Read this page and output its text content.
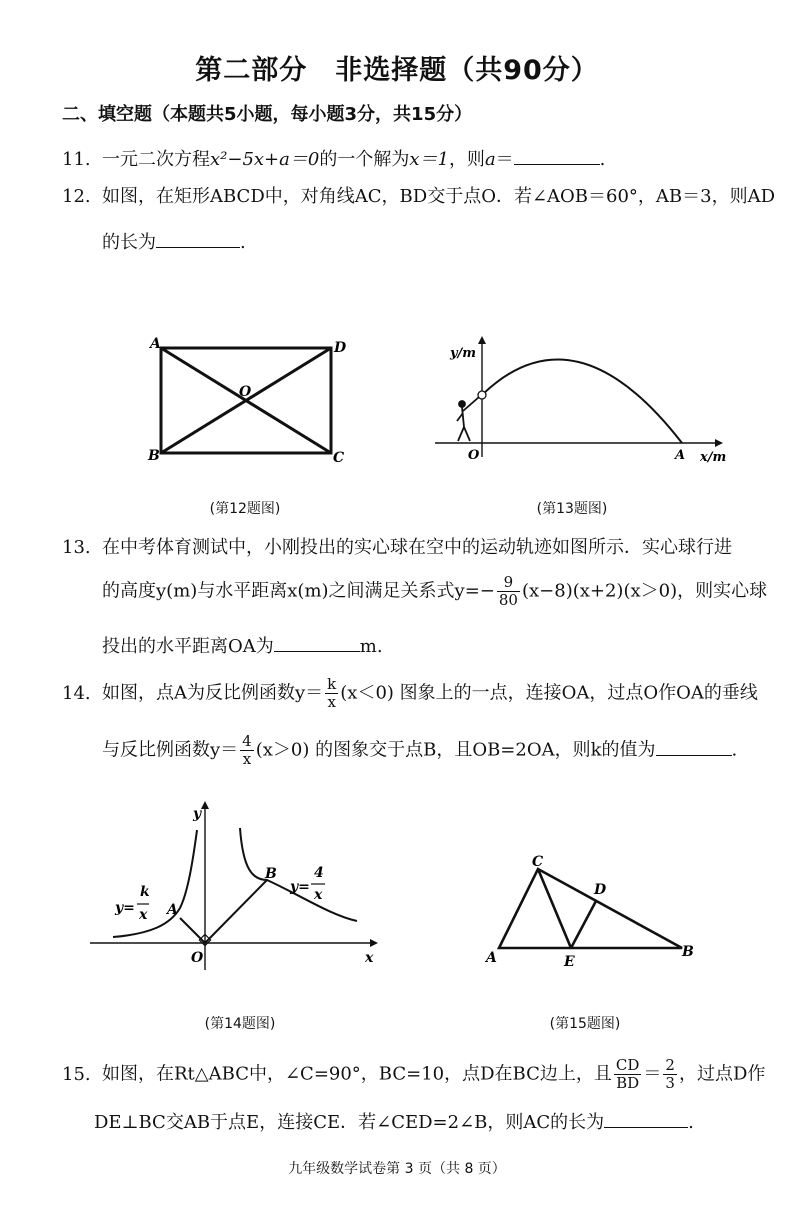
第二部分　非选择题（共90分）
二、填空题（本题共5小题，每小题3分，共15分）
11. 一元二次方程x²−5x+a＝0的一个解为x＝1，则a＝	.
12. 如图，在矩形ABCD中，对角线AC，BD交于点O．若∠AOB＝60°，AB＝3，则AD
的长为	.
A	D
B	C
O
(第12题图)
y/m
x/m
O	A
(第13题图)
13. 在中考体育测试中，小刚投出的实心球在空中的运动轨迹如图所示．实心球行进
的高度y(m)与水平距离x(m)之间满足关系式$y=- \frac{9}{80} (x-8)(x+2)(x>0)$，则实心球
投出的水平距离OA为	m.
14. 如图，点A为反比例函数$y= \frac{k}{x} (x<0)$ 图象上的一点，连接OA，过点O作OA的垂线
与反比例函数$y= \frac{4}{x} (x>0)$ 的图象交于点B，且OB=2OA，则k的值为	.
y
x
O
A
B
y=
k
x
y=
4
x
(第14题图)
C
D
A	E
B
(第15题图)
15. 如图，在Rt△ABC中，∠C=90°，BC=10，点D在BC边上，且 $\frac{CD}{BD} = \frac{2}{3}$ ，过点D作
DE⊥BC交AB于点E，连接CE．若∠CED=2∠B，则AC的长为	.
九年级数学试卷第 3 页（共 8 页）
